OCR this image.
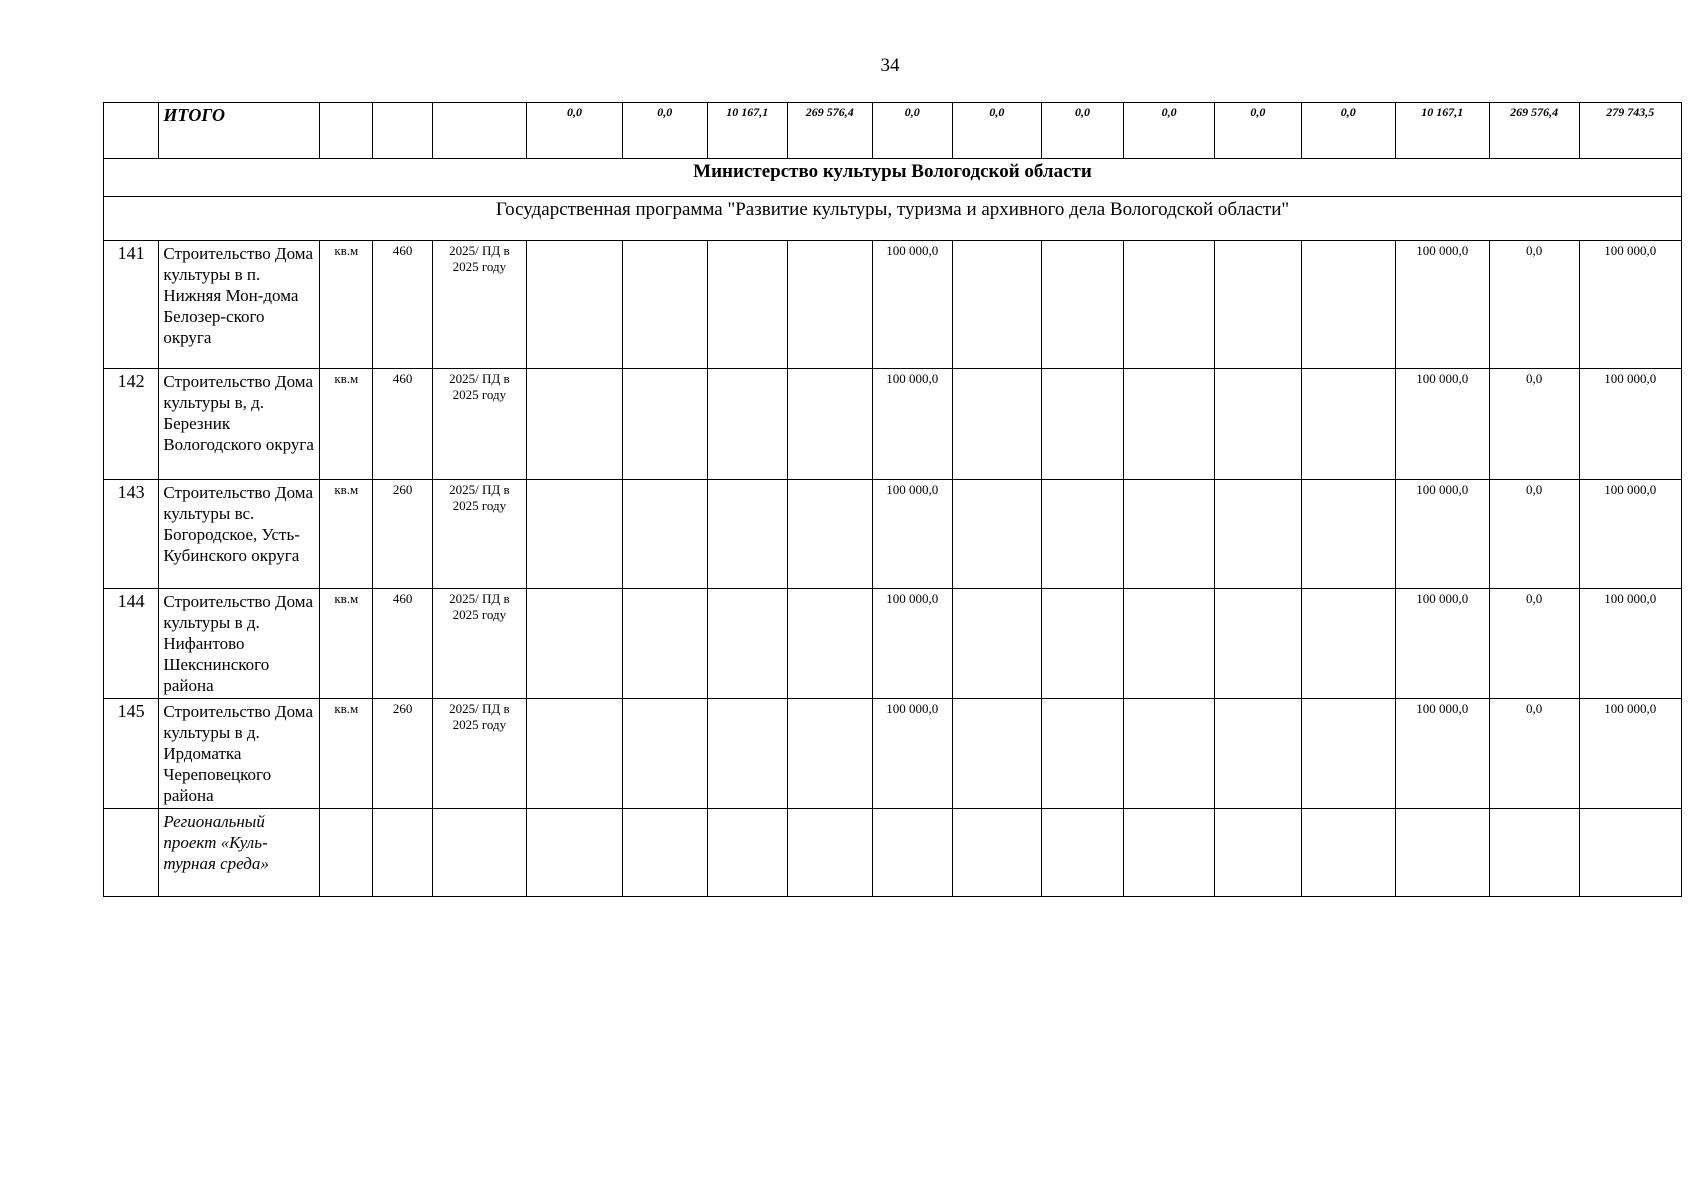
34
	ИТОГО				0,0	0,0	10 167,1	269 576,4	0,0	0,0	0,0	0,0	0,0	0,0	10 167,1	269 576,4	279 743,5
Министерство культуры Вологодской области																	
Государственная программа "Развитие культуры, туризма и архивного дела Вологодской области"																	
141	Строительство Дома культуры в п. Нижняя Мон-дома Белозер-ского округа	кв.м	460	2025/ ПД в 2025 году					100 000,0						100 000,0	0,0	100 000,0
142	Строительство Дома культуры в, д. Березник Вологодского округа	кв.м	460	2025/ ПД в 2025 году					100 000,0						100 000,0	0,0	100 000,0
143	Строительство Дома культуры вс. Богородское, Усть-Кубинского округа	кв.м	260	2025/ ПД в 2025 году					100 000,0						100 000,0	0,0	100 000,0
144	Строительство Дома культуры в д. Нифантово Шекснинского района	кв.м	460	2025/ ПД в 2025 году					100 000,0						100 000,0	0,0	100 000,0
145	Строительство Дома культуры в д. Ирдоматка Череповецкого района	кв.м	260	2025/ ПД в 2025 году					100 000,0						100 000,0	0,0	100 000,0
	Региональный проект «Куль-турная среда»																
